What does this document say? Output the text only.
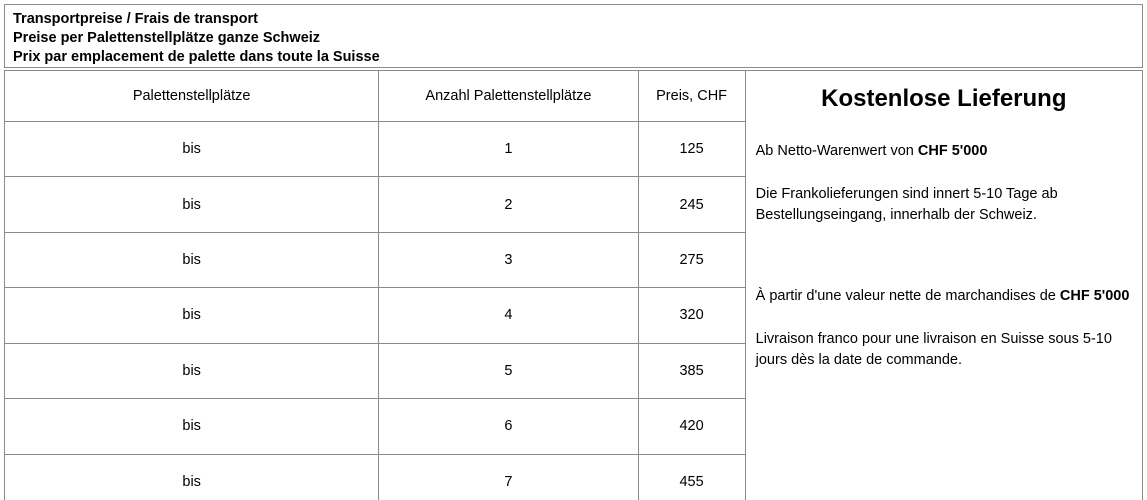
Transportpreise / Frais de transport
Preise per Palettenstellplätze ganze Schweiz
Prix par emplacement de palette dans toute la Suisse
Palettenstellplätze	Anzahl Palettenstellplätze	Preis, CHF	Kostenlose Lieferung
Ab Netto-Warenwert von CHF 5'000
Die Frankolieferungen sind innert 5-10 Tage ab Bestellungseingang, innerhalb der Schweiz.
À partir d'une valeur nette de marchandises de CHF 5'000
Livraison franco pour une livraison en Suisse sous 5-10 jours dès la date de commande.

bis	1	125	
bis	2	245	
bis	3	275	
bis	4	320	
bis	5	385	
bis	6	420	
bis	7	455	
